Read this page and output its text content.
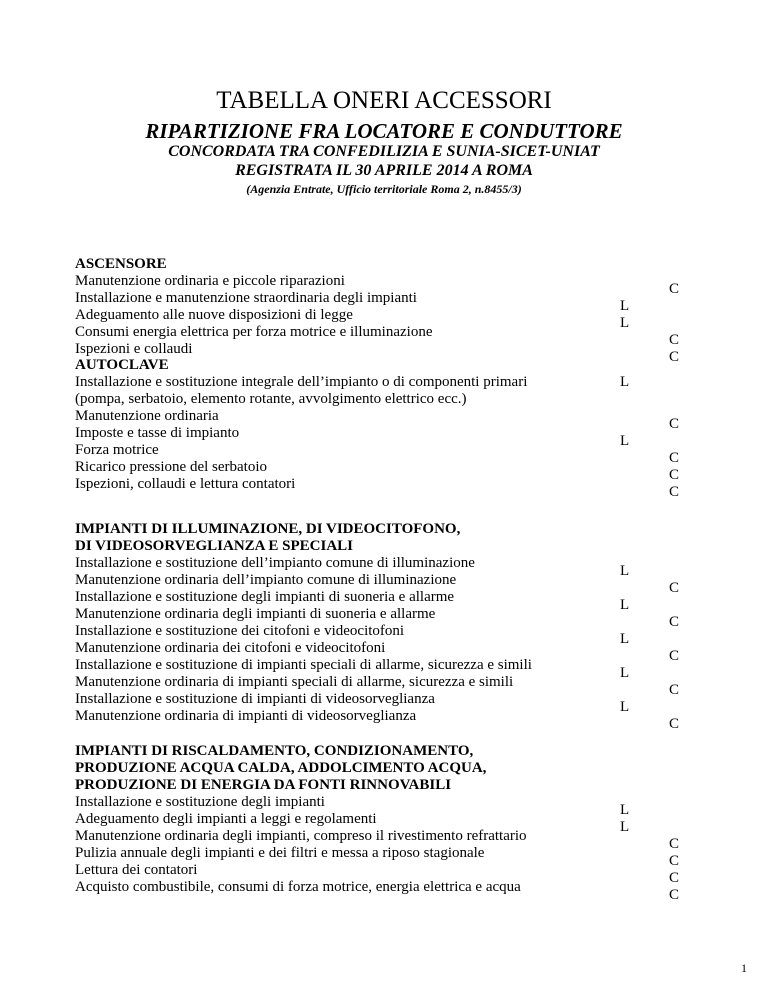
TABELLA ONERI ACCESSORI
RIPARTIZIONE FRA LOCATORE E CONDUTTORE
CONCORDATA TRA CONFEDILIZIA E SUNIA-SICET-UNIAT
REGISTRATA IL 30 APRILE 2014 A ROMA
(Agenzia Entrate, Ufficio territoriale Roma 2, n.8455/3)
ASCENSORE
Manutenzione ordinaria e piccole riparazioni	C
Installazione e manutenzione straordinaria degli impianti	L
Adeguamento alle nuove disposizioni di legge	L
Consumi energia elettrica per forza motrice e illuminazione	C
Ispezioni e collaudi	C
AUTOCLAVE
Installazione e sostituzione integrale dell’impianto o di componenti primari	L
(pompa, serbatoio, elemento rotante, avvolgimento elettrico ecc.)
Manutenzione ordinaria	C
Imposte e tasse di impianto	L
Forza motrice	C
Ricarico pressione del serbatoio	C
Ispezioni, collaudi e lettura contatori	C
IMPIANTI DI ILLUMINAZIONE, DI VIDEOCITOFONO,
DI VIDEOSORVEGLIANZA E SPECIALI
Installazione e sostituzione dell’impianto comune di illuminazione	L
Manutenzione ordinaria dell’impianto comune di illuminazione	C
Installazione e sostituzione degli impianti di suoneria e allarme	L
Manutenzione ordinaria degli impianti di suoneria e allarme	C
Installazione e sostituzione dei citofoni e videocitofoni	L
Manutenzione ordinaria dei citofoni e videocitofoni	C
Installazione e sostituzione di impianti speciali di allarme, sicurezza e simili	L
Manutenzione ordinaria di impianti speciali di allarme, sicurezza e simili	C
Installazione e sostituzione di impianti di videosorveglianza	L
Manutenzione ordinaria di impianti di videosorveglianza	C
IMPIANTI DI RISCALDAMENTO, CONDIZIONAMENTO,
PRODUZIONE ACQUA CALDA, ADDOLCIMENTO ACQUA,
PRODUZIONE DI ENERGIA DA FONTI RINNOVABILI
Installazione e sostituzione degli impianti	L
Adeguamento degli impianti a leggi e regolamenti	L
Manutenzione ordinaria degli impianti, compreso il rivestimento refrattario	C
Pulizia annuale degli impianti e dei filtri e messa a riposo stagionale	C
Lettura dei contatori	C
Acquisto combustibile, consumi di forza motrice, energia elettrica e acqua	C
1
